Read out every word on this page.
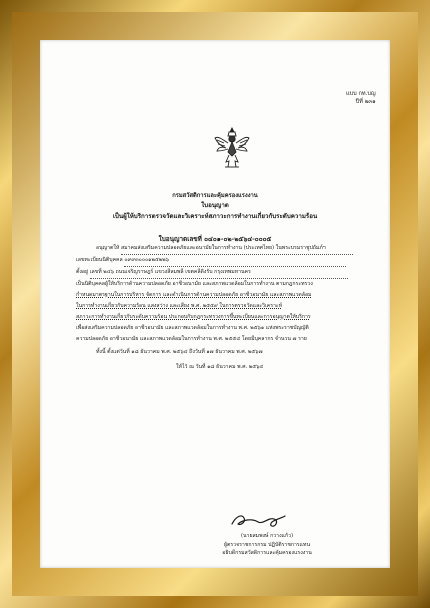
แบบ กท.บญ
ปีที่ ๒๓๑
กรมสวัสดิการและคุ้มครองแรงงาน
ใบอนุญาต
เป็นผู้ให้บริการตรวจวัดและวิเคราะห์สภาวะการทำงานเกี่ยวกับระดับความร้อน
ใบอนุญาตเลขที่ ๐๔๐๑-๐๒-๒๕๖๔-๐๐๐๕
อนุญาตให้ สมาคมส่งเสริมความปลอดภัยและอนามัยในการทำงาน (ประเทศไทย) ในพระบรมราชูปถัมภ์ฯ
เลขทะเบียนนิติบุคคล ๐๙๙๓๐๐๐๑๒๕๒๒๖
ตั้งอยู่ เลขที่ ๒๔๖ ถนนเจริญราษฎร์ แขวงสีลมพลี เขตคลีดิงรับ กรุงเทพมหานคร
เป็นนิติบุคคลผู้ให้บริการด้านความปลอดภัย อาชีวอนามัย และสภาพแวดล้อมในการทำงาน ตามกฎกระทรวง
กำหนดมาตรฐานในการบริหาร จัดการ และดำเนินการด้านความปลอดภัย อาชีวอนามัย และสภาพแวดล้อม
ในการทำงานเกี่ยวกับความร้อน แสงสว่าง และเสียง พ.ศ. ๒๕๕๙ ในการตรวจวัดและวิเคราะห์
สภาวะการทำงานเกี่ยวกับระดับความร้อน ประกอบกับกฎกระทรวงการขึ้นทะเบียนและการอนุญาตให้บริการ
เพื่อส่งเสริมความปลอดภัย อาชีวอนามัย และสภาพแวดล้อมในการทำงาน พ.ศ. ๒๕๖๑ แห่งพระราชบัญญัติ
ความปลอดภัย อาชีวอนามัย และสภาพแวดล้อมในการทำงาน พ.ศ. ๒๕๕๔ โดยมีบุคลากร จำนวน ๗ ราย
ทั้งนี้ ตั้งแต่วันที่ ๑๘ ธันวาคม พ.ศ. ๒๕๖๔ ถึงวันที่ ๑๗ ธันวาคม พ.ศ. ๒๕๖๗
ให้ไว้ ณ วันที่ ๑๘ ธันวาคม พ.ศ. ๒๕๖๔
(นายสมพงษ์ กวางแก้ว)
ผู้ตรวจราชการกรม ปฏิบัติราชการแทน
อธิบดีกรมสวัสดิการและคุ้มครองแรงงาน
